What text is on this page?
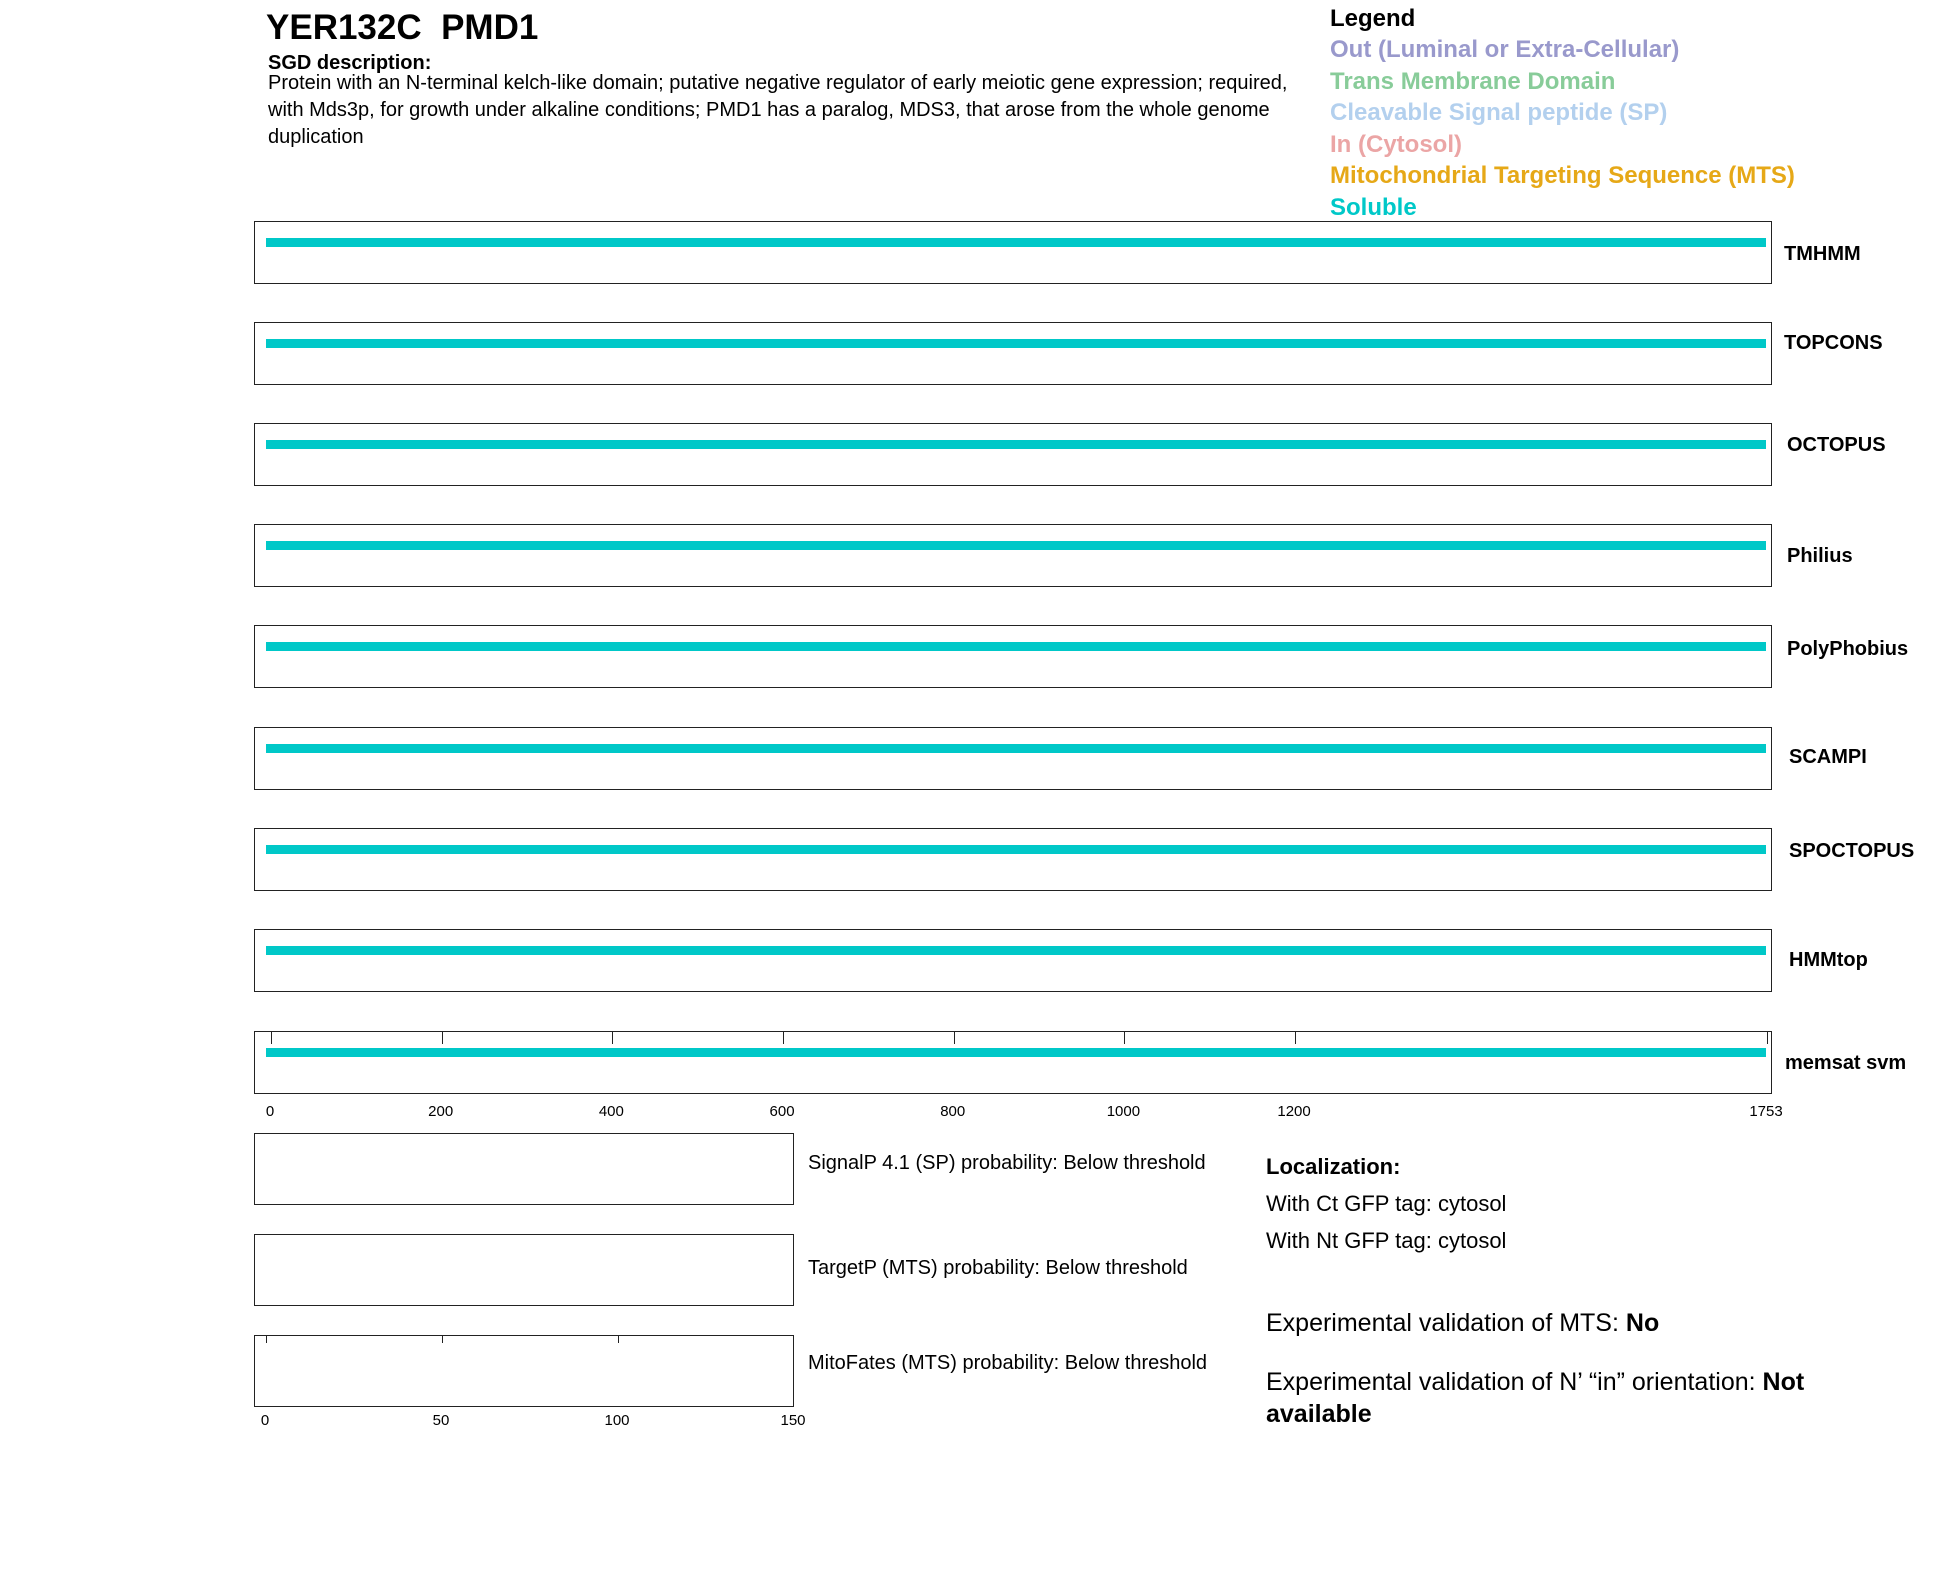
YER132C  PMD1
SGD description:
Protein with an N-terminal kelch-like domain; putative negative regulator of early meiotic gene expression; required, with Mds3p, for growth under alkaline conditions; PMD1 has a paralog, MDS3, that arose from the whole genome duplication
Legend
Out (Luminal or Extra-Cellular)
Trans Membrane Domain
Cleavable Signal peptide (SP)
In (Cytosol)
Mitochondrial Targeting Sequence (MTS)
Soluble
TMHMM
TOPCONS
OCTOPUS
Philius
PolyPhobius
SCAMPI
SPOCTOPUS
HMMtop
0	200	400	600	800	1000	1200	1753
memsat svm
SignalP 4.1 (SP) probability: Below threshold
TargetP (MTS) probability: Below threshold
MitoFates (MTS) probability: Below threshold
0	50	100	150
Localization:
With Ct GFP tag: cytosol
With Nt GFP tag: cytosol
Experimental validation of MTS: No
Experimental validation of N’ “in” orientation: Not available
